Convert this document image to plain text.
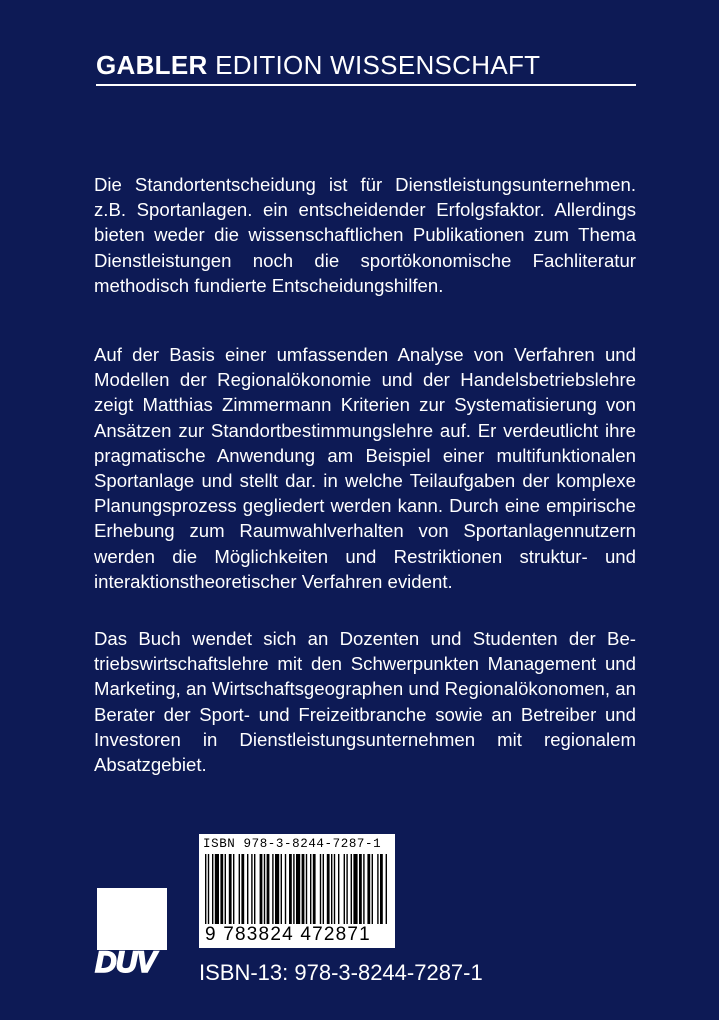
GABLER EDITION WISSENSCHAFT

Die Standortentscheidung ist für Dienstleistungsunternehmen. z.B. Sportanlagen. ein entscheidender Erfolgsfaktor. Allerdings bieten weder die wissenschaftlichen Publikationen zum Thema Dienstleistungen noch die sportökonomische Fachliteratur methodisch fundierte Entscheidungshilfen.

Auf der Basis einer umfassenden Analyse von Verfahren und Modellen der Regionalökonomie und der Handelsbetriebslehre zeigt Matthias Zimmermann Kriterien zur Systematisierung von Ansätzen zur Standortbestimmungslehre auf. Er verdeutlicht ihre pragmatische Anwendung am Beispiel einer multifunktionalen Sportanlage und stellt dar. in welche Teilaufgaben der komplexe Planungsprozess gegliedert werden kann. Durch eine empirische Erhebung zum Raumwahlverhalten von Sportanlagennutzern werden die Möglichkeiten und Restriktionen struktur- und interaktionstheoretischer Verfahren evident.

Das Buch wendet sich an Dozenten und Studenten der Betriebswirtschaftslehre mit den Schwerpunkten Management und Marketing, an Wirtschaftsgeographen und Regionalökonomen, an Berater der Sport- und Freizeitbranche sowie an Betreiber und Investoren in Dienstleistungsunternehmen mit regionalem Absatzgebiet.

ISBN 978-3-8244-7287-1
9 783824 472871
DUV ISBN-13: 978-3-8244-7287-1
